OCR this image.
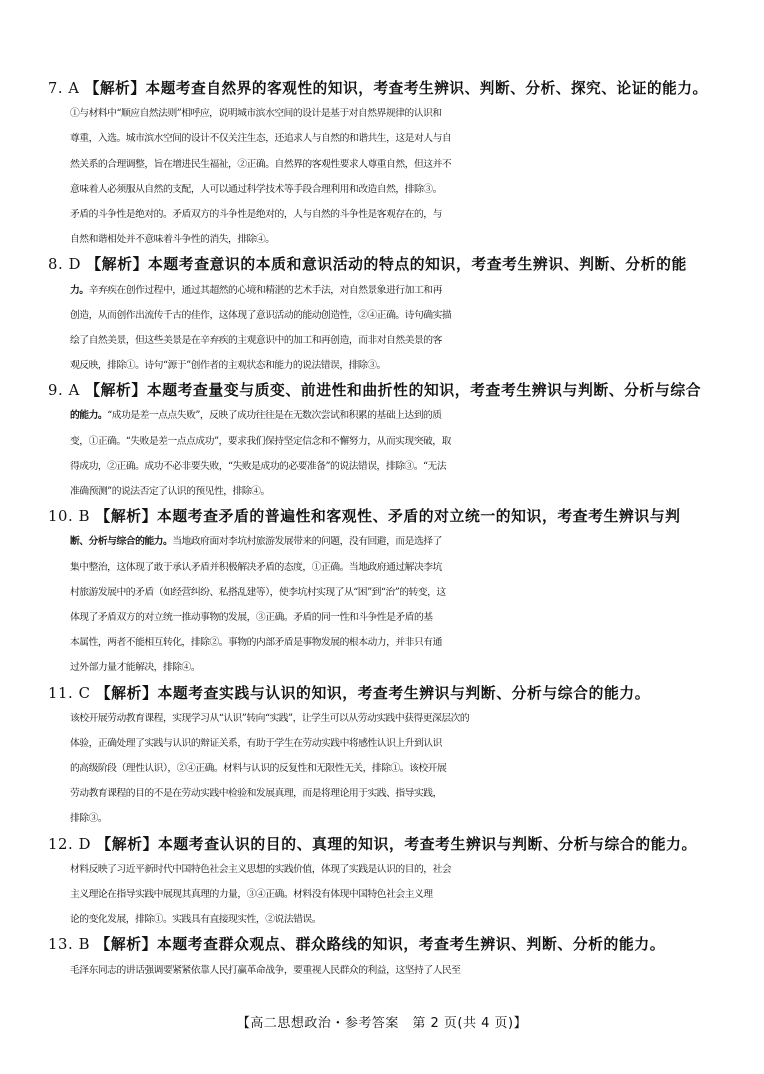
7. A 【解析】本题考查自然界的客观性的知识，考查考生辨识、判断、分析、探究、论证的能力。
①与材料中“顺应自然法则”相呼应，说明城市滨水空间的设计是基于对自然界规律的认识和
尊重，入选。城市滨水空间的设计不仅关注生态，还追求人与自然的和谐共生，这是对人与自
然关系的合理调整，旨在增进民生福祉，②正确。自然界的客观性要求人尊重自然，但这并不
意味着人必须服从自然的支配，人可以通过科学技术等手段合理利用和改造自然，排除③。
矛盾的斗争性是绝对的。矛盾双方的斗争性是绝对的，人与自然的斗争性是客观存在的，与
自然和谐相处并不意味着斗争性的消失，排除④。
8. D 【解析】本题考查意识的本质和意识活动的特点的知识，考查考生辨识、判断、分析的能
力。辛弃疾在创作过程中，通过其超然的心境和精湛的艺术手法，对自然景象进行加工和再
创造，从而创作出流传千古的佳作，这体现了意识活动的能动创造性，②④正确。诗句确实描
绘了自然美景，但这些美景是在辛弃疾的主观意识中的加工和再创造，而非对自然美景的客
观反映，排除①。诗句“源于”创作者的主观状态和能力的说法错误，排除③。
9. A 【解析】本题考查量变与质变、前进性和曲折性的知识，考查考生辨识与判断、分析与综合
的能力。“成功是差一点点失败”，反映了成功往往是在无数次尝试和积累的基础上达到的质
变，①正确。“失败是差一点点成功”，要求我们保持坚定信念和不懈努力，从而实现突破，取
得成功，②正确。成功不必非要失败，“失败是成功的必要准备”的说法错误，排除③。“无法
准确预测”的说法否定了认识的预见性，排除④。
10. B 【解析】本题考查矛盾的普遍性和客观性、矛盾的对立统一的知识，考查考生辨识与判
断、分析与综合的能力。当地政府面对李坑村旅游发展带来的问题，没有回避，而是选择了
集中整治，这体现了敢于承认矛盾并积极解决矛盾的态度，①正确。当地政府通过解决李坑
村旅游发展中的矛盾（如经营纠纷、私搭乱建等），使李坑村实现了从“困”到“治”的转变，这
体现了矛盾双方的对立统一推动事物的发展，③正确。矛盾的同一性和斗争性是矛盾的基
本属性，两者不能相互转化，排除②。事物的内部矛盾是事物发展的根本动力，并非只有通
过外部力量才能解决，排除④。
11. C 【解析】本题考查实践与认识的知识，考查考生辨识与判断、分析与综合的能力。
该校开展劳动教育课程，实现学习从“认识”转向“实践”，让学生可以从劳动实践中获得更深层次的
体验，正确处理了实践与认识的辩证关系，有助于学生在劳动实践中将感性认识上升到认识
的高级阶段（理性认识），②④正确。材料与认识的反复性和无限性无关，排除①。该校开展
劳动教育课程的目的不是在劳动实践中检验和发展真理，而是将理论用于实践、指导实践，
排除③。
12. D 【解析】本题考查认识的目的、真理的知识，考查考生辨识与判断、分析与综合的能力。
材料反映了习近平新时代中国特色社会主义思想的实践价值，体现了实践是认识的目的，社会
主义理论在指导实践中展现其真理的力量，③④正确。材料没有体现中国特色社会主义理
论的变化发展，排除①。实践具有直接现实性，②说法错误。
13. B 【解析】本题考查群众观点、群众路线的知识，考查考生辨识、判断、分析的能力。
毛泽东同志的讲话强调要紧紧依靠人民打赢革命战争，要重视人民群众的利益，这坚持了人民至
【高二思想政治・参考答案　第 2 页(共 4 页)】
